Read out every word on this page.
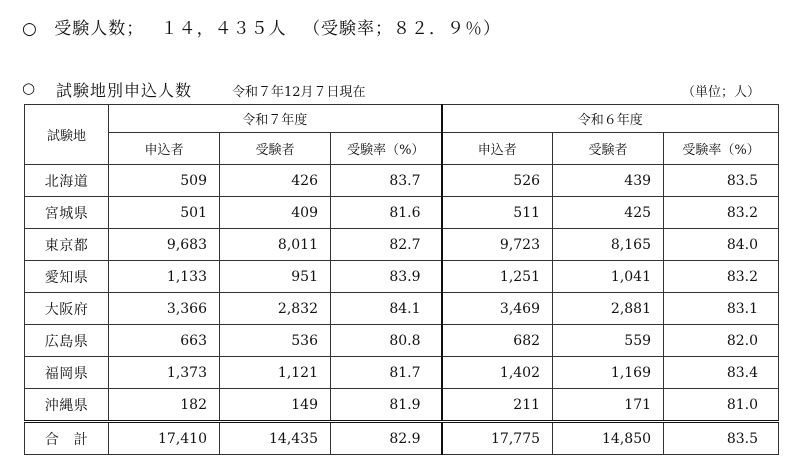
○ 受験人数； １４，４３５人 （受験率；８２．９％）
○ 試験地別申込人数	令和７年12月７日現在	（単位；人）
試験地	令和７年度			令和６年度		
	申込者	受験者	受験率（%）	申込者	受験者	受験率（%）
北海道	509	426	83.7	526	439	83.5
宮城県	501	409	81.6	511	425	83.2
東京都	9,683	8,011	82.7	9,723	8,165	84.0
愛知県	1,133	951	83.9	1,251	1,041	83.2
大阪府	3,366	2,832	84.1	3,469	2,881	83.1
広島県	663	536	80.8	682	559	82.0
福岡県	1,373	1,121	81.7	1,402	1,169	83.4
沖縄県	182	149	81.9	211	171	81.0
合　計	17,410	14,435	82.9	17,775	14,850	83.5
